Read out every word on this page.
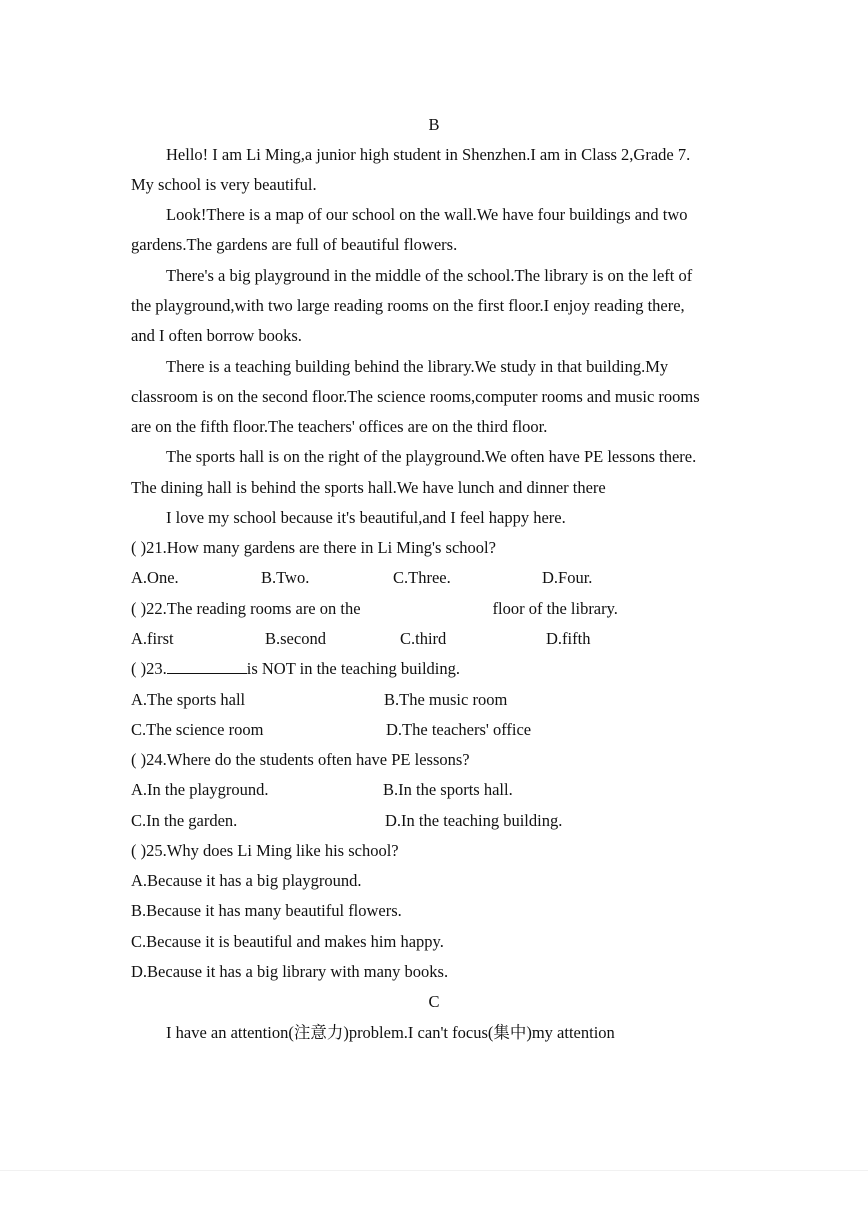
B
Hello! I am Li Ming,a junior high student in Shenzhen.I am in Class 2,Grade 7.
My school is very beautiful.
Look!There is a map of our school on the wall.We have four buildings and two
gardens.The gardens are full of beautiful flowers.
There's a big playground in the middle of the school.The library is on the left of
the playground,with two large reading rooms on the first floor.I enjoy reading there,
and I often borrow books.
There is a teaching building behind the library.We study in that building.My
classroom is on the second floor.The science rooms,computer rooms and music rooms
are on the fifth floor.The teachers' offices are on the third floor.
The sports hall is on the right of the playground.We often have PE lessons there.
The dining hall is behind the sports hall.We have lunch and dinner there
I love my school because it's beautiful,and I feel happy here.
( )21.How many gardens are there in Li Ming's school?
A.One.	B.Two.	C.Three.	D.Four.
( )22.The reading rooms are on the	floor of the library.
A.first	B.second	C.third	D.fifth
( )23.	is NOT in the teaching building.
A.The sports hall	B.The music room
C.The science room	D.The teachers' office
( )24.Where do the students often have PE lessons?
A.In the playground.	B.In the sports hall.
C.In the garden.	D.In the teaching building.
( )25.Why does Li Ming like his school?
A.Because it has a big playground.
B.Because it has many beautiful flowers.
C.Because it is beautiful and makes him happy.
D.Because it has a big library with many books.
C
I have an attention(注意力)problem.I can't focus(集中)my attention
